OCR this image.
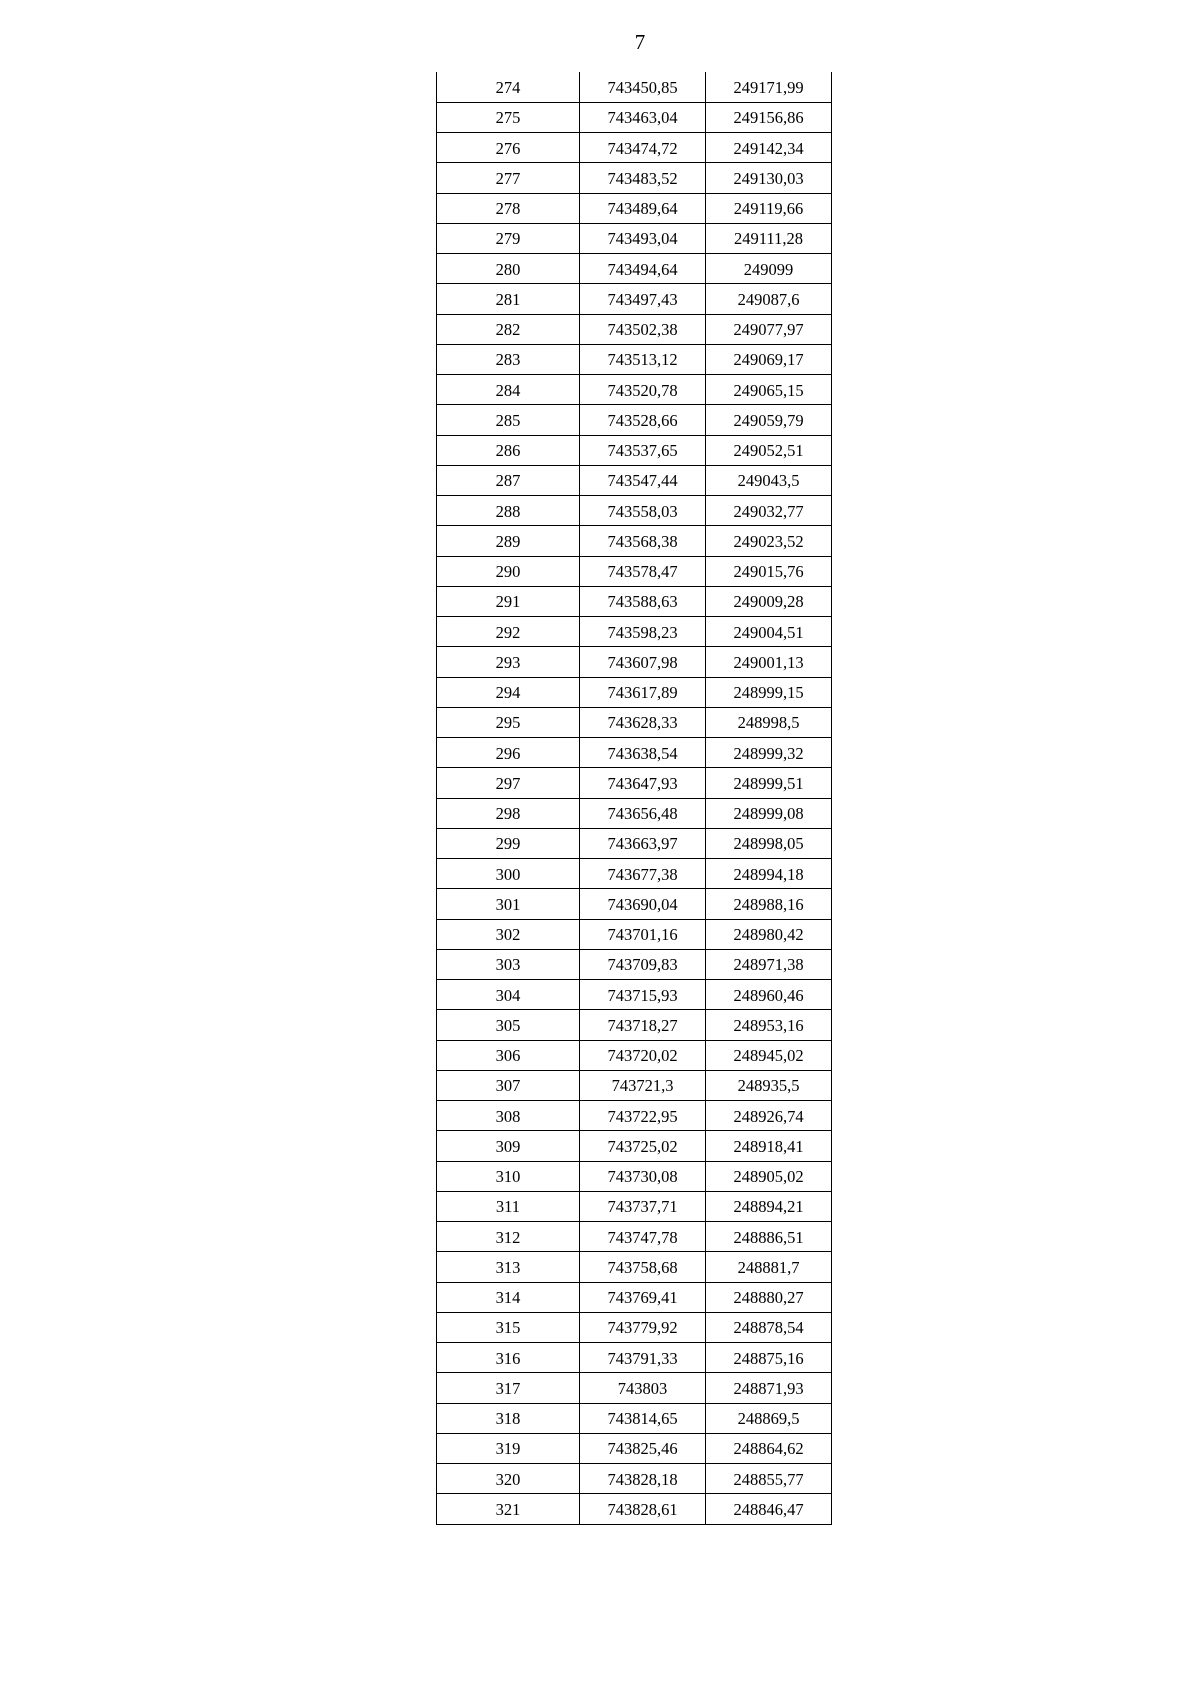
7
274	743450,85	249171,99
275	743463,04	249156,86
276	743474,72	249142,34
277	743483,52	249130,03
278	743489,64	249119,66
279	743493,04	249111,28
280	743494,64	249099
281	743497,43	249087,6
282	743502,38	249077,97
283	743513,12	249069,17
284	743520,78	249065,15
285	743528,66	249059,79
286	743537,65	249052,51
287	743547,44	249043,5
288	743558,03	249032,77
289	743568,38	249023,52
290	743578,47	249015,76
291	743588,63	249009,28
292	743598,23	249004,51
293	743607,98	249001,13
294	743617,89	248999,15
295	743628,33	248998,5
296	743638,54	248999,32
297	743647,93	248999,51
298	743656,48	248999,08
299	743663,97	248998,05
300	743677,38	248994,18
301	743690,04	248988,16
302	743701,16	248980,42
303	743709,83	248971,38
304	743715,93	248960,46
305	743718,27	248953,16
306	743720,02	248945,02
307	743721,3	248935,5
308	743722,95	248926,74
309	743725,02	248918,41
310	743730,08	248905,02
311	743737,71	248894,21
312	743747,78	248886,51
313	743758,68	248881,7
314	743769,41	248880,27
315	743779,92	248878,54
316	743791,33	248875,16
317	743803	248871,93
318	743814,65	248869,5
319	743825,46	248864,62
320	743828,18	248855,77
321	743828,61	248846,47
